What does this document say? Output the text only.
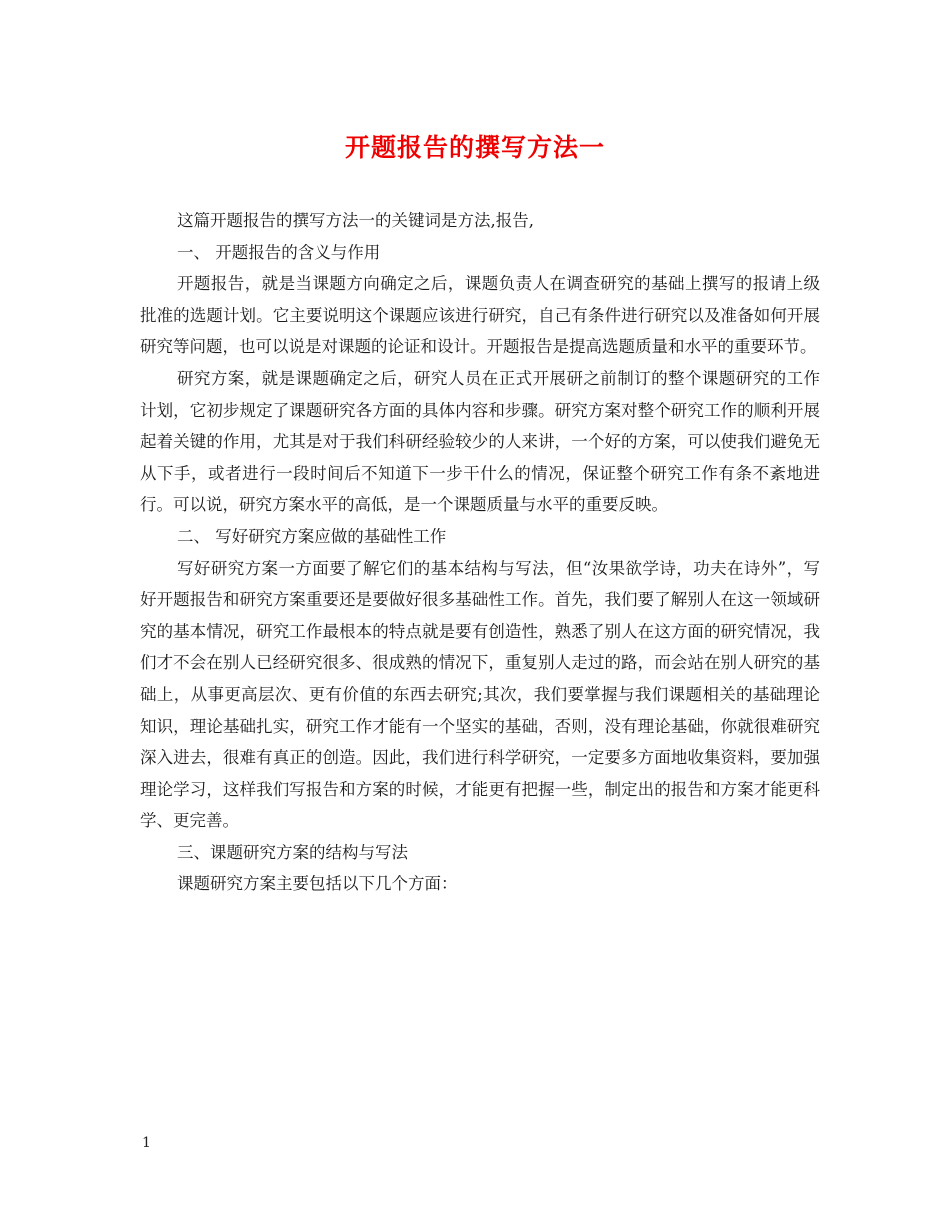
开题报告的撰写方法一

这篇开题报告的撰写方法一的关键词是方法,报告,

一、 开题报告的含义与作用

开题报告，就是当课题方向确定之后，课题负责人在调查研究的基础上撰写的报请上级批准的选题计划。它主要说明这个课题应该进行研究，自己有条件进行研究以及准备如何开展研究等问题，也可以说是对课题的论证和设计。开题报告是提高选题质量和水平的重要环节。

研究方案，就是课题确定之后，研究人员在正式开展研之前制订的整个课题研究的工作计划，它初步规定了课题研究各方面的具体内容和步骤。研究方案对整个研究工作的顺利开展起着关键的作用，尤其是对于我们科研经验较少的人来讲，一个好的方案，可以使我们避免无从下手，或者进行一段时间后不知道下一步干什么的情况，保证整个研究工作有条不紊地进行。可以说，研究方案水平的高低，是一个课题质量与水平的重要反映。

二、 写好研究方案应做的基础性工作

写好研究方案一方面要了解它们的基本结构与写法，但“汝果欲学诗，功夫在诗外”，写好开题报告和研究方案重要还是要做好很多基础性工作。首先，我们要了解别人在这一领域研究的基本情况，研究工作最根本的特点就是要有创造性，熟悉了别人在这方面的研究情况，我们才不会在别人已经研究很多、很成熟的情况下，重复别人走过的路，而会站在别人研究的基础上，从事更高层次、更有价值的东西去研究;其次，我们要掌握与我们课题相关的基础理论知识，理论基础扎实，研究工作才能有一个坚实的基础，否则，没有理论基础，你就很难研究深入进去，很难有真正的创造。因此，我们进行科学研究，一定要多方面地收集资料，要加强理论学习，这样我们写报告和方案的时候，才能更有把握一些，制定出的报告和方案才能更科学、更完善。

三、课题研究方案的结构与写法

课题研究方案主要包括以下几个方面：

1
